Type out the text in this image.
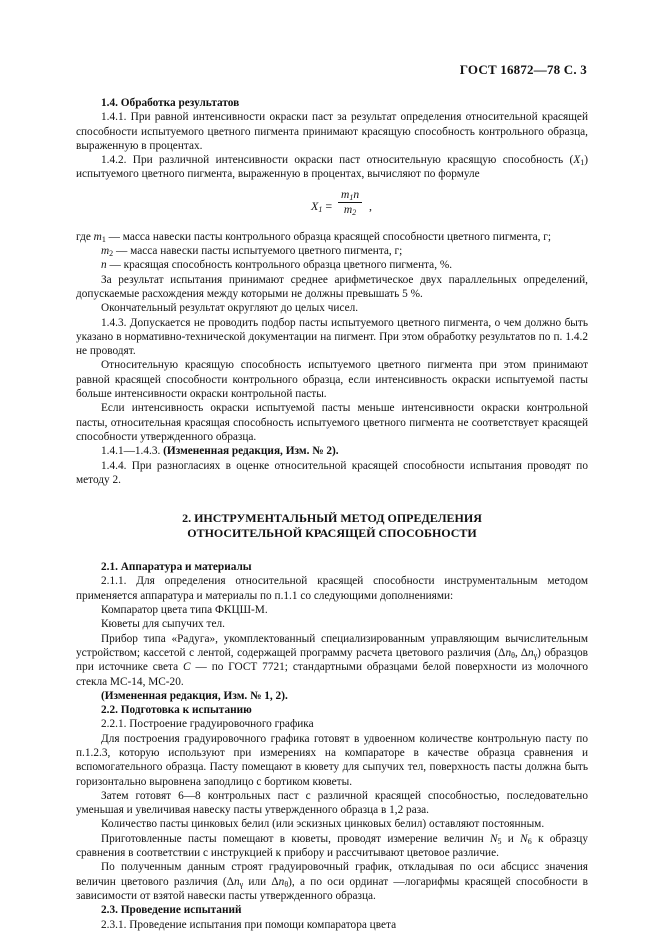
ГОСТ 16872—78 С. 3

1.4. Обработка результатов

1.4.1. При равной интенсивности окраски паст за результат определения относительной красящей способности испытуемого цветного пигмента принимают красящую способность контрольного образца, выраженную в процентах.

1.4.2. При различной интенсивности окраски паст относительную красящую способность $(X_1)$ испытуемого цветного пигмента, выраженную в процентах, вычисляют по формуле

$X_1 = \frac{m_1n}{m_2}$ ,

где $m_1$ — масса навески пасты контрольного образца красящей способности цветного пигмента, г;

$m_2$ — масса навески пасты испытуемого цветного пигмента, г;

n — красящая способность контрольного образца цветного пигмента, %.

За результат испытания принимают среднее арифметическое двух параллельных определений, допускаемые расхождения между которыми не должны превышать 5 %.

Окончательный результат округляют до целых чисел.

1.4.3. Допускается не проводить подбор пасты испытуемого цветного пигмента, о чем должно быть указано в нормативно-технической документации на пигмент. При этом обработку результатов по п. 1.4.2 не проводят.

Относительную красящую способность испытуемого цветного пигмента при этом принимают равной красящей способности контрольного образца, если интенсивность окраски испытуемой пасты больше интенсивности окраски контрольной пасты.

Если интенсивность окраски испытуемой пасты меньше интенсивности окраски контрольной пасты, относительная красящая способность испытуемого цветного пигмента не соответствует красящей способности утвержденного образца.

1.4.1—1.4.3. (Измененная редакция, Изм. № 2).

1.4.4. При разногласиях в оценке относительной красящей способности испытания проводят по методу 2.

2. ИНСТРУМЕНТАЛЬНЫЙ МЕТОД ОПРЕДЕЛЕНИЯ
ОТНОСИТЕЛЬНОЙ КРАСЯЩЕЙ СПОСОБНОСТИ

2.1. Аппаратура и материалы

2.1.1. Для определения относительной красящей способности инструментальным методом применяется аппаратура и материалы по п.1.1 со следующими дополнениями:

Компаратор цвета типа ФКЦШ-М.

Кюветы для сыпучих тел.

Прибор типа «Радуга», укомплектованный специализированным управляющим вычислительным устройством; кассетой с лентой, содержащей программу расчета цветового различия ($\Delta n_\theta$, $\Delta n_\gamma$) образцов при источнике света C — по ГОСТ 7721; стандартными образцами белой поверхности из молочного стекла МС-14, МС-20.

(Измененная редакция, Изм. № 1, 2).

2.2. Подготовка к испытанию

2.2.1. Построение градуировочного графика

Для построения градуировочного графика готовят в удвоенном количестве контрольную пасту по п.1.2.3, которую используют при измерениях на компараторе в качестве образца сравнения и вспомогательного образца. Пасту помещают в кювету для сыпучих тел, поверхность пасты должна быть горизонтально выровнена заподлицо с бортиком кюветы.

Затем готовят 6—8 контрольных паст с различной красящей способностью, последовательно уменьшая и увеличивая навеску пасты утвержденного образца в 1,2 раза.

Количество пасты цинковых белил (или эскизных цинковых белил) оставляют постоянным.

Приготовленные пасты помещают в кюветы, проводят измерение величин $N_5$ и $N_6$ к образцу сравнения в соответствии с инструкцией к прибору и рассчитывают цветовое различие.

По полученным данным строят градуировочный график, откладывая по оси абсцисс значения величин цветового различия ($\Delta n_\gamma$ или $\Delta n_\theta$), а по оси ординат —логарифмы красящей способности в зависимости от взятой навески пасты утвержденного образца.

2.3. Проведение испытаний

2.3.1. Проведение испытания при помощи компаратора цвета
